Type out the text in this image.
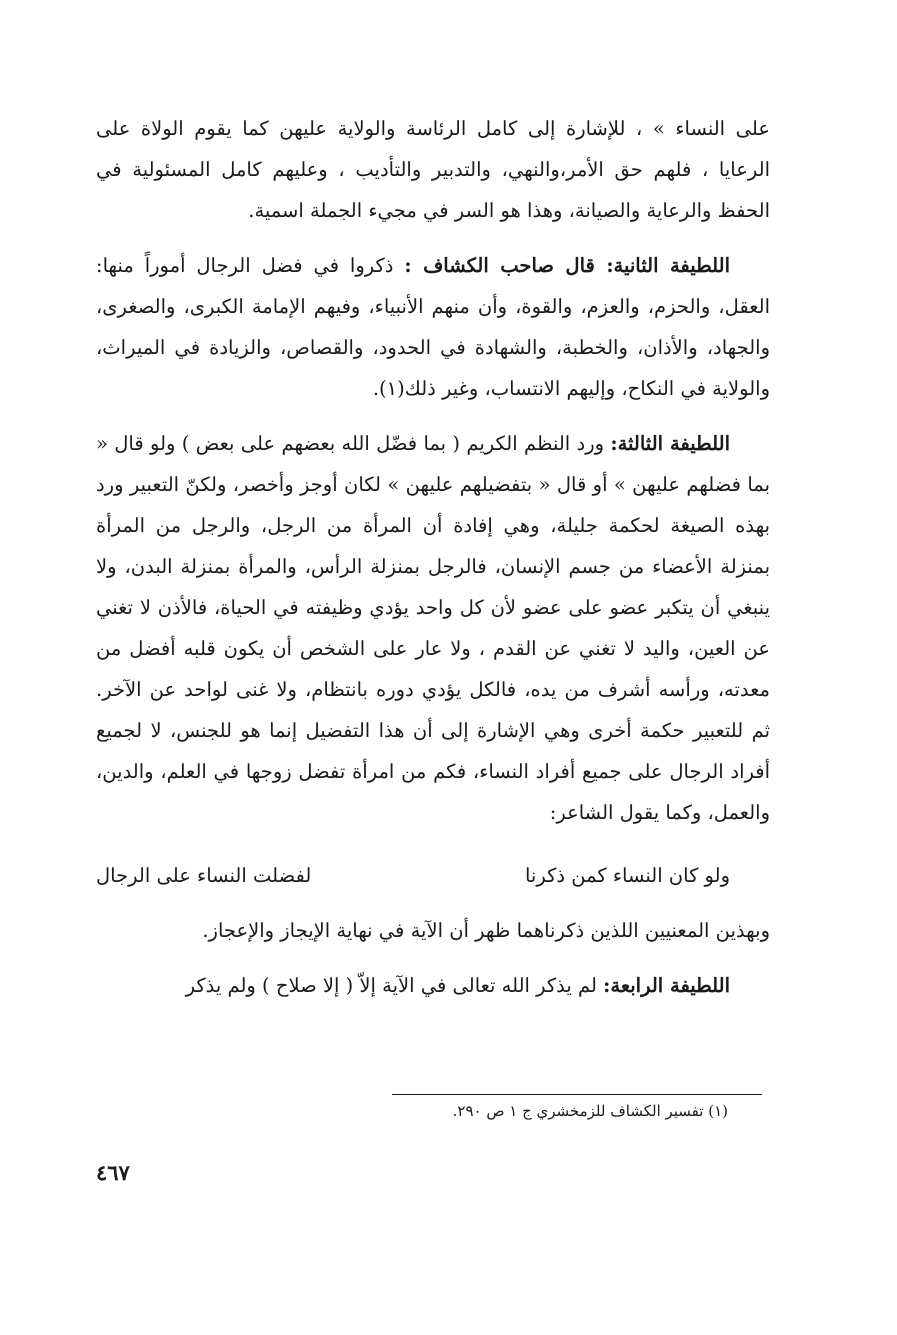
على النساء » ، للإشارة إلى كامل الرئاسة والولاية عليهن كما يقوم الولاة على الرعايا ، فلهم حق الأمر،والنهي، والتدبير والتأديب ، وعليهم كامل المسئولية في الحفظ والرعاية والصيانة، وهذا هو السر في مجيء الجملة اسمية.

اللطيفة الثانية: قال صاحب الكشاف : ذكروا في فضل الرجال أموراً منها: العقل، والحزم، والعزم، والقوة، وأن منهم الأنبياء، وفيهم الإمامة الكبرى، والصغرى، والجهاد، والأذان، والخطبة، والشهادة في الحدود، والقصاص، والزيادة في الميراث، والولاية في النكاح، وإليهم الانتساب، وغير ذلك(١).

اللطيفة الثالثة: ورد النظم الكريم ( بما فضّل الله بعضهم على بعض ) ولو قال « بما فضلهم عليهن » أو قال « بتفضيلهم عليهن » لكان أوجز وأخصر، ولكنّ التعبير ورد بهذه الصيغة لحكمة جليلة، وهي إفادة أن المرأة من الرجل، والرجل من المرأة بمنزلة الأعضاء من جسم الإنسان، فالرجل بمنزلة الرأس، والمرأة بمنزلة البدن، ولا ينبغي أن يتكبر عضو على عضو لأن كل واحد يؤدي وظيفته في الحياة، فالأذن لا تغني عن العين، واليد لا تغني عن القدم ، ولا عار على الشخص أن يكون قلبه أفضل من معدته، ورأسه أشرف من يده، فالكل يؤدي دوره بانتظام، ولا غنى لواحد عن الآخر. ثم للتعبير حكمة أخرى وهي الإشارة إلى أن هذا التفضيل إنما هو للجنس، لا لجميع أفراد الرجال على جميع أفراد النساء، فكم من امرأة تفضل زوجها في العلم، والدين، والعمل، وكما يقول الشاعر:

ولو كان النساء كمن ذكرنا
لفضلت النساء على الرجال

وبهذين المعنيين اللذين ذكرناهما ظهر أن الآية في نهاية الإيجاز والإعجاز.

اللطيفة الرابعة: لم يذكر الله تعالى في الآية إلاّ ( إلا صلاح ) ولم يذكر

(١) تفسير الكشاف للزمخشري ج ١ ص ٢٩٠.
٤٦٧
